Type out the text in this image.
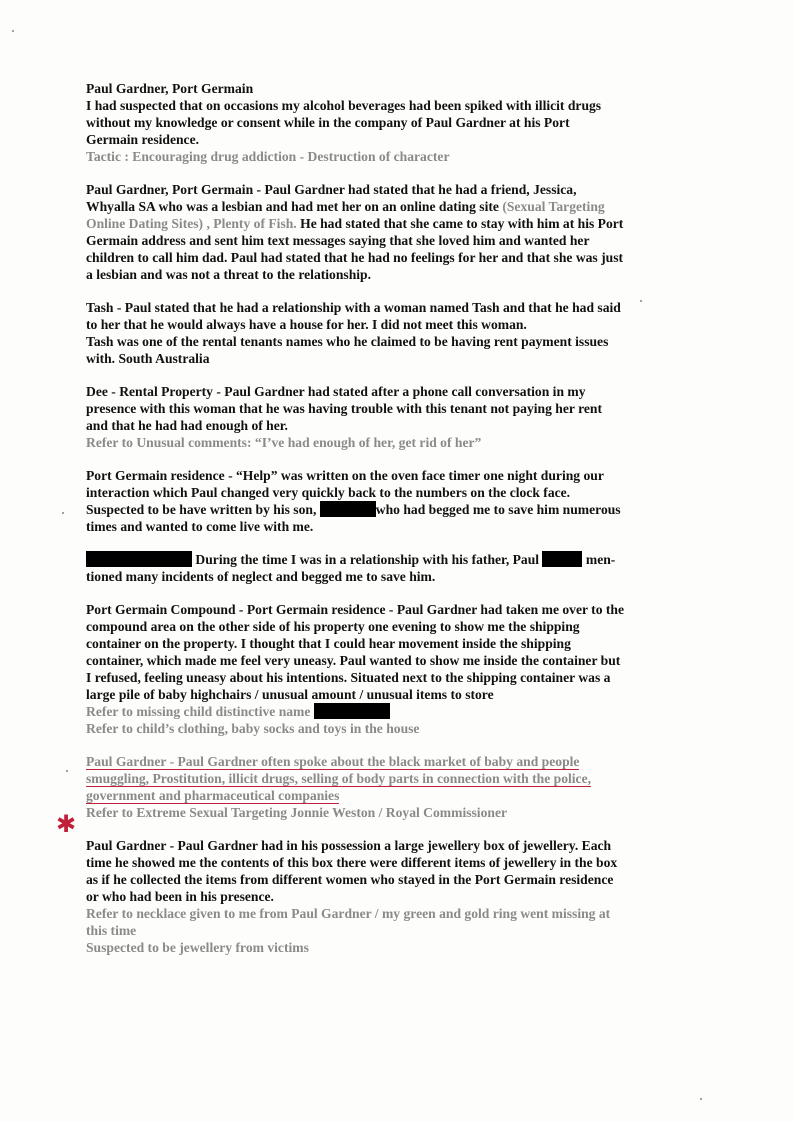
✱
Paul Gardner, Port Germain
I had suspected that on occasions my alcohol beverages had been spiked with illicit drugs
without my knowledge or consent while in the company of Paul Gardner at his Port
Germain residence.
Tactic : Encouraging drug addiction - Destruction of character
Paul Gardner, Port Germain - Paul Gardner had stated that he had a friend, Jessica,
Whyalla SA who was a lesbian and had met her on an online dating site (Sexual Targeting
Online Dating Sites) , Plenty of Fish. He had stated that she came to stay with him at his Port
Germain address and sent him text messages saying that she loved him and wanted her
children to call him dad. Paul had stated that he had no feelings for her and that she was just
a lesbian and was not a threat to the relationship.
Tash - Paul stated that he had a relationship with a woman named Tash and that he had said
to her that he would always have a house for her. I did not meet this woman.
Tash was one of the rental tenants names who he claimed to be having rent payment issues
with. South Australia
Dee - Rental Property - Paul Gardner had stated after a phone call conversation in my
presence with this woman that he was having trouble with this tenant not paying her rent
and that he had had enough of her.
Refer to Unusual comments: “I’ve had enough of her, get rid of her”
Port Germain residence - “Help” was written on the oven face timer one night during our
interaction which Paul changed very quickly back to the numbers on the clock face.
Suspected to be have written by his son,	who had begged me to save him numerous
times and wanted to come live with me.
During the time I was in a relationship with his father, Paul	men-
tioned many incidents of neglect and begged me to save him.
Port Germain Compound - Port Germain residence - Paul Gardner had taken me over to the
compound area on the other side of his property one evening to show me the shipping
container on the property. I thought that I could hear movement inside the shipping
container, which made me feel very uneasy. Paul wanted to show me inside the container but
I refused, feeling uneasy about his intentions. Situated next to the shipping container was a
large pile of baby highchairs / unusual amount / unusual items to store
Refer to missing child distinctive name
Refer to child’s clothing, baby socks and toys in the house
Paul Gardner - Paul Gardner often spoke about the black market of baby and people
smuggling, Prostitution, illicit drugs, selling of body parts in connection with the police,
government and pharmaceutical companies
Refer to Extreme Sexual Targeting Jonnie Weston / Royal Commissioner
Paul Gardner - Paul Gardner had in his possession a large jewellery box of jewellery. Each
time he showed me the contents of this box there were different items of jewellery in the box
as if he collected the items from different women who stayed in the Port Germain residence
or who had been in his presence.
Refer to necklace given to me from Paul Gardner / my green and gold ring went missing at
this time
Suspected to be jewellery from victims
